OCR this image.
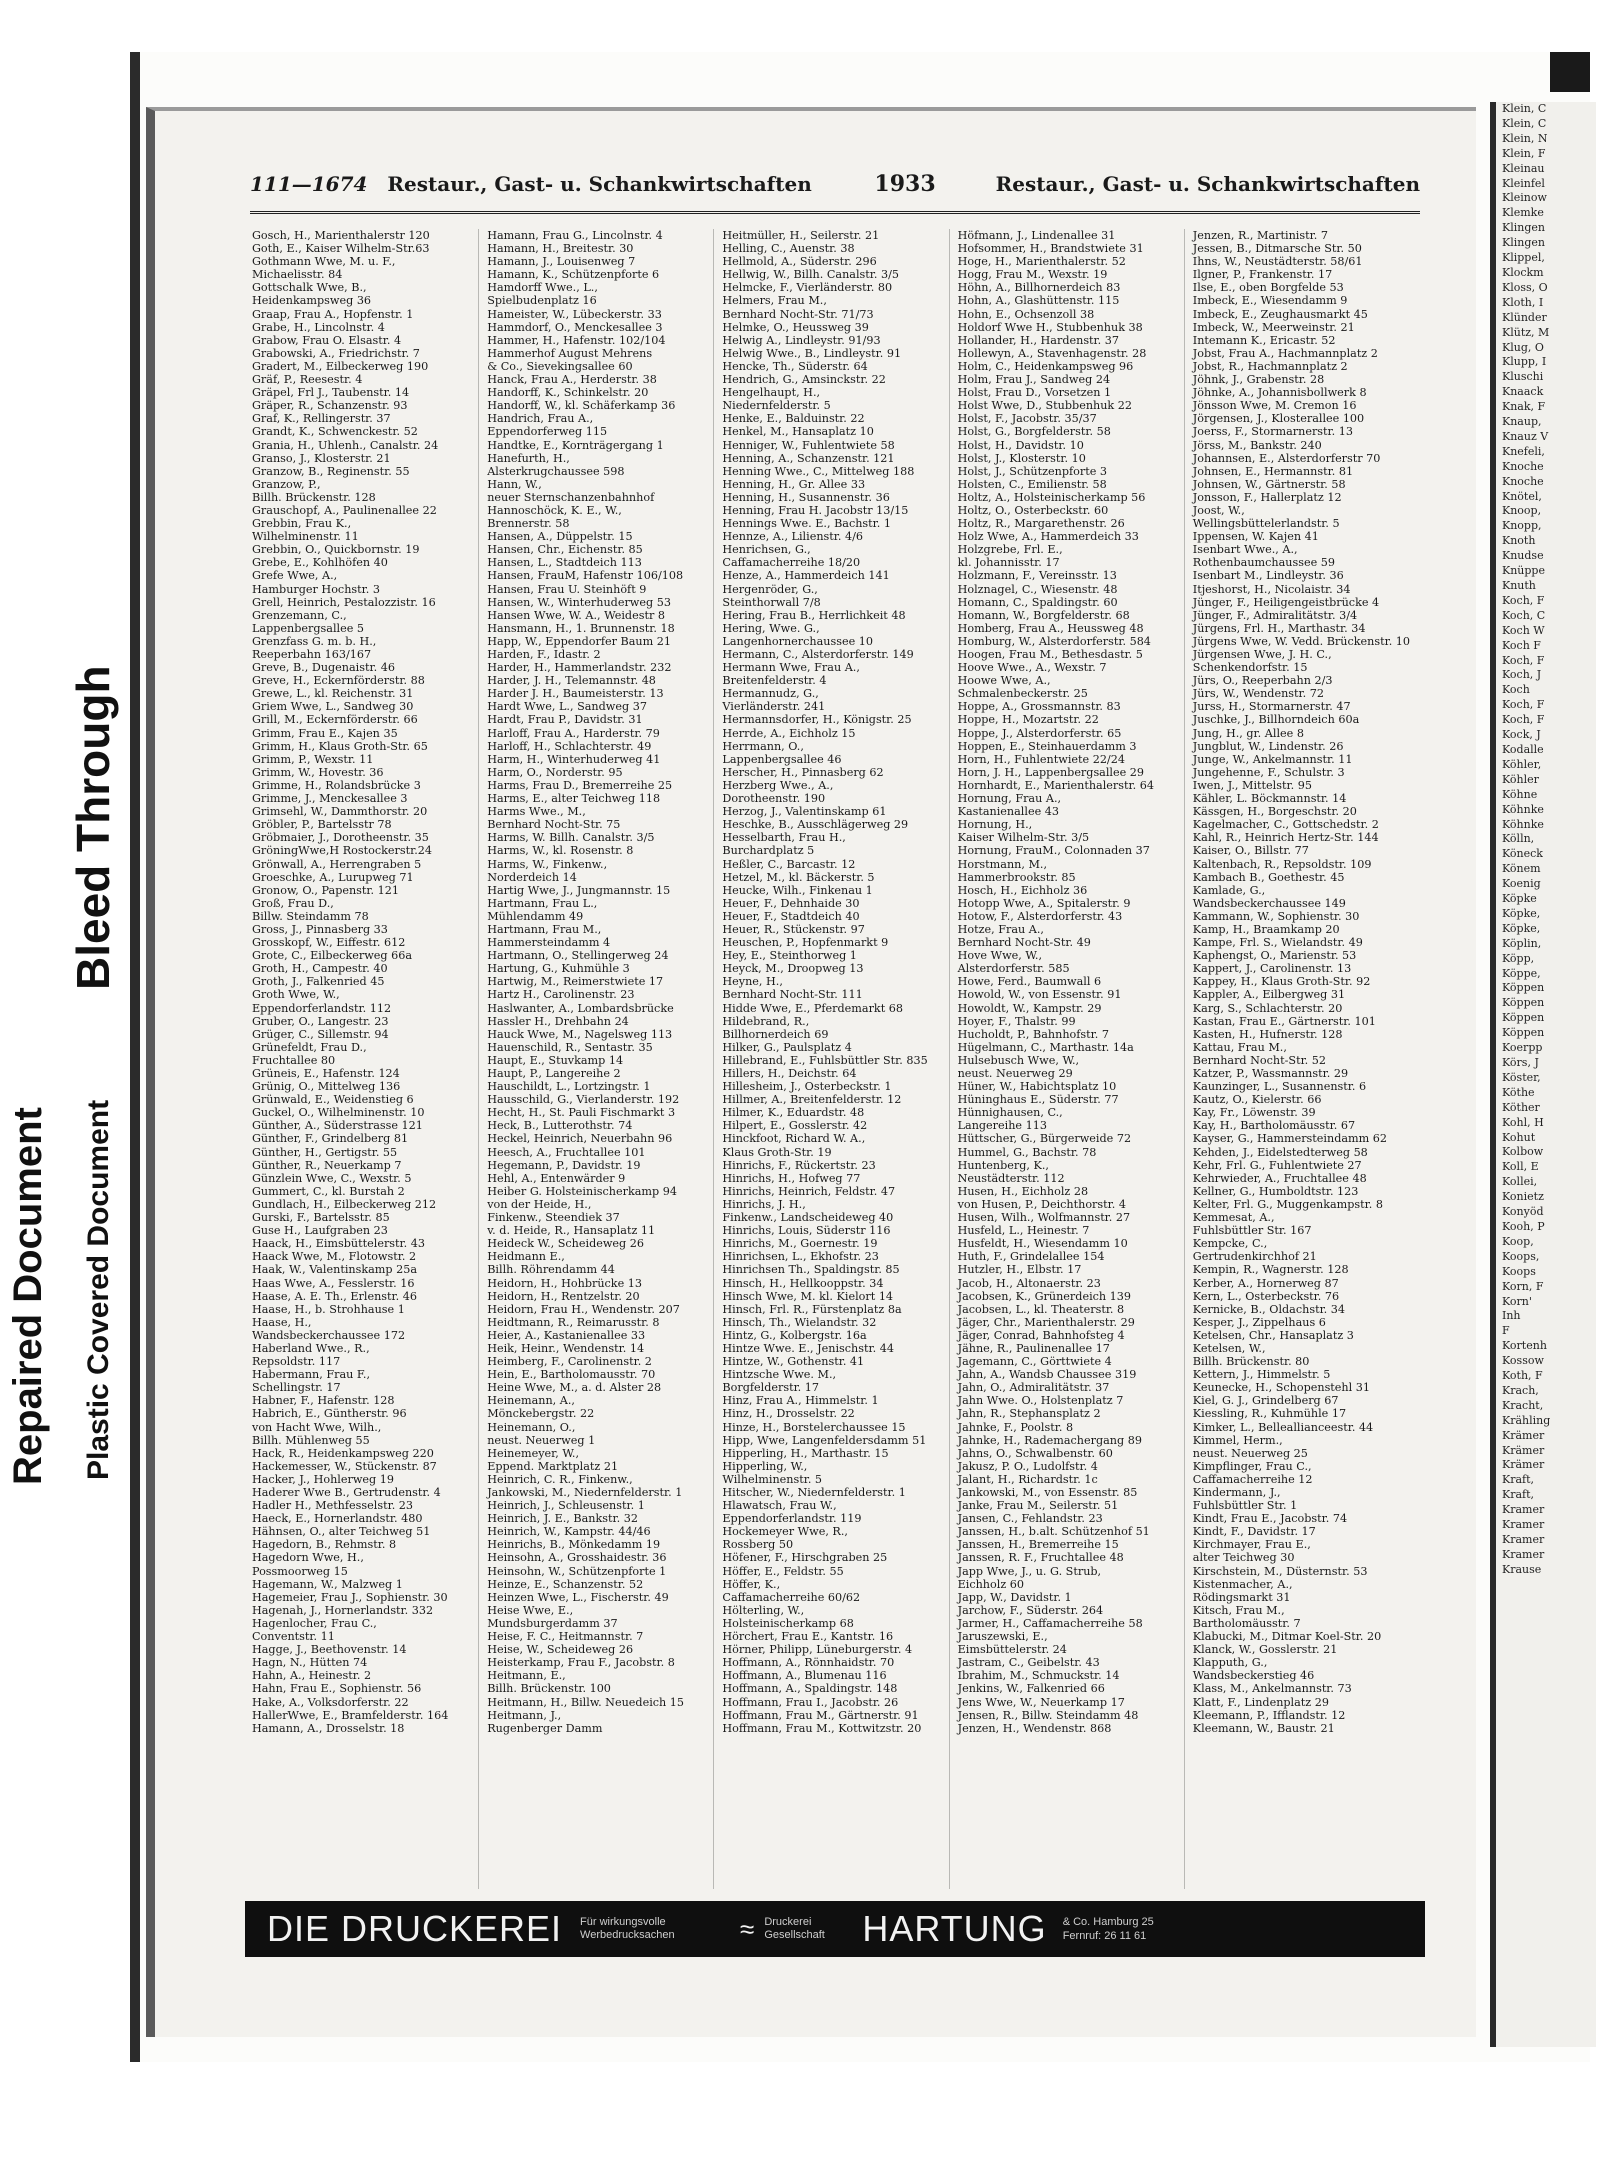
Repaired Document Plastic Covered Document
Bleed Through
111—1674 Restaur., Gast- u. Schankwirtschaften	1933	Restaur., Gast- u. Schankwirtschaften
Gosch, H., Marienthalerstr 120
Goth, E., Kaiser Wilhelm-Str.63
Gothmann Wwe, M. u. F.,
Michaelisstr. 84
Gottschalk Wwe, B.,
Heidenkampsweg 36
Graap, Frau A., Hopfenstr. 1
Grabe, H., Lincolnstr. 4
Grabow, Frau O. Elsastr. 4
Grabowski, A., Friedrichstr. 7
Gradert, M., Eilbeckerweg 190
Gräf, P., Reesestr. 4
Gräpel, Frl J., Taubenstr. 14
Gräper, R., Schanzenstr. 93
Graf, K., Rellingerstr. 37
Grandt, K., Schwenckestr. 52
Grania, H., Uhlenh., Canalstr. 24
Granso, J., Klosterstr. 21
Granzow, B., Reginenstr. 55
Granzow, P.,
Billh. Brückenstr. 128
Grauschopf, A., Paulinenallee 22
Grebbin, Frau K.,
Wilhelminenstr. 11
Grebbin, O., Quickbornstr. 19
Grebe, E., Kohlhöfen 40
Grefe Wwe, A.,
Hamburger Hochstr. 3
Grell, Heinrich, Pestalozzistr. 16
Grenzemann, C.,
Lappenbergsallee 5
Grenzfass G. m. b. H.,
Reeperbahn 163/167
Greve, B., Dugenaistr. 46
Greve, H., Eckernförderstr. 88
Grewe, L., kl. Reichenstr. 31
Griem Wwe, L., Sandweg 30
Grill, M., Eckernförderstr. 66
Grimm, Frau E., Kajen 35
Grimm, H., Klaus Groth-Str. 65
Grimm, P., Wexstr. 11
Grimm, W., Hovestr. 36
Grimme, H., Rolandsbrücke 3
Grimme, J., Menckesallee 3
Grimsehl, W., Dammthorstr. 20
Gröbler, P., Bartelsstr 78
Gröbmaier, J., Dorotheenstr. 35
GröningWwe,H Rostockerstr.24
Grönwall, A., Herrengraben 5
Groeschke, A., Lurupweg 71
Gronow, O., Papenstr. 121
Groß, Frau D.,
Billw. Steindamm 78
Gross, J., Pinnasberg 33
Grosskopf, W., Eiffestr. 612
Grote, C., Eilbeckerweg 66a
Groth, H., Campestr. 40
Groth, J., Falkenried 45
Groth Wwe, W.,
Eppendorferlandstr. 112
Gruber, O., Langestr. 23
Grüger, C., Sillemstr. 94
Grünefeldt, Frau D.,
Fruchtallee 80
Grüneis, E., Hafenstr. 124
Grünig, O., Mittelweg 136
Grünwald, E., Weidenstieg 6
Guckel, O., Wilhelminenstr. 10
Günther, A., Süderstrasse 121
Günther, F., Grindelberg 81
Günther, H., Gertigstr. 55
Günther, R., Neuerkamp 7
Günzlein Wwe, C., Wexstr. 5
Gummert, C., kl. Burstah 2
Gundlach, H., Eilbeckerweg 212
Gurski, F., Bartelsstr. 85
Guse H., Laufgraben 23
Haack, H., Eimsbüttelerstr. 43
Haack Wwe, M., Flotowstr. 2
Haak, W., Valentinskamp 25a
Haas Wwe, A., Fesslerstr. 16
Haase, A. E. Th., Erlenstr. 46
Haase, H., b. Strohhause 1
Haase, H.,
Wandsbeckerchaussee 172
Haberland Wwe., R.,
Repsoldstr. 117
Habermann, Frau F.,
Schellingstr. 17
Habner, F., Hafenstr. 128
Habrich, E., Güntherstr. 96
von Hacht Wwe, Wilh.,
Billh. Mühlenweg 55
Hack, R., Heidenkampsweg 220
Hackemesser, W., Stückenstr. 87
Hacker, J., Hohlerweg 19
Haderer Wwe B., Gertrudenstr. 4
Hadler H., Methfesselstr. 23
Haeck, E., Hornerlandstr. 480
Hähnsen, O., alter Teichweg 51
Hagedorn, B., Rehmstr. 8
Hagedorn Wwe, H.,
Possmoorweg 15
Hagemann, W., Malzweg 1
Hagemeier, Frau J., Sophienstr. 30
Hagenah, J., Hornerlandstr. 332
Hagenlocher, Frau C.,
Conventstr. 11
Hagge, J., Beethovenstr. 14
Hagn, N., Hütten 74
Hahn, A., Heinestr. 2
Hahn, Frau E., Sophienstr. 56
Hake, A., Volksdorferstr. 22
HallerWwe, E., Bramfelderstr. 164
Hamann, A., Drosselstr. 18
Hamann, Frau G., Lincolnstr. 4
Hamann, H., Breitestr. 30
Hamann, J., Louisenweg 7
Hamann, K., Schützenpforte 6
Hamdorff Wwe., L.,
Spielbudenplatz 16
Hameister, W., Lübeckerstr. 33
Hammdorf, O., Menckesallee 3
Hammer, H., Hafenstr. 102/104
Hammerhof August Mehrens
& Co., Sievekingsallee 60
Hanck, Frau A., Herderstr. 38
Handorff, K., Schinkelstr. 20
Handorff, W., kl. Schäferkamp 36
Handrich, Frau A.,
Eppendorferweg 115
Handtke, E., Kornträgergang 1
Hanefurth, H.,
Alsterkrugchaussee 598
Hann, W.,
neuer Sternschanzenbahnhof
Hannoschöck, K. E., W.,
Brennerstr. 58
Hansen, A., Düppelstr. 15
Hansen, Chr., Eichenstr. 85
Hansen, L., Stadtdeich 113
Hansen, FrauM, Hafenstr 106/108
Hansen, Frau U. Steinhöft 9
Hansen, W., Winterhuderweg 53
Hansen Wwe, W. A., Weidestr 8
Hansmann, H., 1. Brunnenstr. 18
Happ, W., Eppendorfer Baum 21
Harden, F., Idastr. 2
Harder, H., Hammerlandstr. 232
Harder, J. H., Telemannstr. 48
Harder J. H., Baumeisterstr. 13
Hardt Wwe, L., Sandweg 37
Hardt, Frau P., Davidstr. 31
Harloff, Frau A., Harderstr. 79
Harloff, H., Schlachterstr. 49
Harm, H., Winterhuderweg 41
Harm, O., Norderstr. 95
Harms, Frau D., Bremerreihe 25
Harms, E., alter Teichweg 118
Harms Wwe., M.,
Bernhard Nocht-Str. 75
Harms, W. Billh. Canalstr. 3/5
Harms, W., kl. Rosenstr. 8
Harms, W., Finkenw.,
Norderdeich 14
Hartig Wwe, J., Jungmannstr. 15
Hartmann, Frau L.,
Mühlendamm 49
Hartmann, Frau M.,
Hammersteindamm 4
Hartmann, O., Stellingerweg 24
Hartung, G., Kuhmühle 3
Hartwig, M., Reimerstwiete 17
Hartz H., Carolinenstr. 23
Haslwanter, A., Lombardsbrücke
Hassler H., Drehbahn 24
Hauck Wwe, M., Nagelsweg 113
Hauenschild, R., Sentastr. 35
Haupt, E., Stuvkamp 14
Haupt, P., Langereihe 2
Hauschildt, L., Lortzingstr. 1
Hausschild, G., Vierlanderstr. 192
Hecht, H., St. Pauli Fischmarkt 3
Heck, B., Lutterothstr. 74
Heckel, Heinrich, Neuerbahn 96
Heesch, A., Fruchtallee 101
Hegemann, P., Davidstr. 19
Hehl, A., Entenwärder 9
Heiber G. Holsteinischerkamp 94
von der Heide, H.,
Finkenw., Steendiek 37
v. d. Heide, R., Hansaplatz 11
Heideck W., Scheideweg 26
Heidmann E.,
Billh. Röhrendamm 44
Heidorn, H., Hohbrücke 13
Heidorn, H., Rentzelstr. 20
Heidorn, Frau H., Wendenstr. 207
Heidtmann, R., Reimarusstr. 8
Heier, A., Kastanienallee 33
Heik, Heinr., Wendenstr. 14
Heimberg, F., Carolinenstr. 2
Hein, E., Bartholomausstr. 70
Heine Wwe, M., a. d. Alster 28
Heinemann, A.,
Mönckebergstr. 22
Heinemann, O.,
neust. Neuerweg 1
Heinemeyer, W.,
Eppend. Marktplatz 21
Heinrich, C. R., Finkenw.,
Jankowski, M., Niedernfelderstr. 1
Heinrich, J., Schleusenstr. 1
Heinrich, J. E., Bankstr. 32
Heinrich, W., Kampstr. 44/46
Heinrichs, B., Mönkedamm 19
Heinsohn, A., Grosshaidestr. 36
Heinsohn, W., Schützenpforte 1
Heinze, E., Schanzenstr. 52
Heinzen Wwe, L., Fischerstr. 49
Heise Wwe, E.,
Mundsburgerdamm 37
Heise, F. C., Heitmannstr. 7
Heise, W., Scheideweg 26
Heisterkamp, Frau F., Jacobstr. 8
Heitmann, E.,
Billh. Brückenstr. 100
Heitmann, H., Billw. Neuedeich 15
Heitmann, J.,
Rugenberger Damm
Heitmüller, H., Seilerstr. 21
Helling, C., Auenstr. 38
Hellmold, A., Süderstr. 296
Hellwig, W., Billh. Canalstr. 3/5
Helmcke, F., Vierländerstr. 80
Helmers, Frau M.,
Bernhard Nocht-Str. 71/73
Helmke, O., Heussweg 39
Helwig A., Lindleystr. 91/93
Helwig Wwe., B., Lindleystr. 91
Hencke, Th., Süderstr. 64
Hendrich, G., Amsinckstr. 22
Hengelhaupt, H.,
Niedernfelderstr. 5
Henke, E., Balduinstr. 22
Henkel, M., Hansaplatz 10
Henniger, W., Fuhlentwiete 58
Henning, A., Schanzenstr. 121
Henning Wwe., C., Mittelweg 188
Henning, H., Gr. Allee 33
Henning, H., Susannenstr. 36
Henning, Frau H. Jacobstr 13/15
Hennings Wwe. E., Bachstr. 1
Hennze, A., Lilienstr. 4/6
Henrichsen, G.,
Caffamacherreihe 18/20
Henze, A., Hammerdeich 141
Hergenröder, G.,
Steinthorwall 7/8
Hering, Frau B., Herrlichkeit 48
Hering, Wwe. G.,
Langenhornerchaussee 10
Hermann, C., Alsterdorferstr. 149
Hermann Wwe, Frau A.,
Breitenfelderstr. 4
Hermannudz, G.,
Vierländerstr. 241
Hermannsdorfer, H., Königstr. 25
Herrde, A., Eichholz 15
Herrmann, O.,
Lappenbergsallee 46
Herscher, H., Pinnasberg 62
Herzberg Wwe., A.,
Dorotheenstr. 190
Herzog, J., Valentinskamp 61
Heschke, B., Ausschlägerweg 29
Hesselbarth, Frau H.,
Burchardplatz 5
Heßler, C., Barcastr. 12
Hetzel, M., kl. Bäckerstr. 5
Heucke, Wilh., Finkenau 1
Heuer, F., Dehnhaide 30
Heuer, F., Stadtdeich 40
Heuer, R., Stückenstr. 97
Heuschen, P., Hopfenmarkt 9
Hey, E., Steinthorweg 1
Heyck, M., Droopweg 13
Heyne, H.,
Bernhard Nocht-Str. 111
Hidde Wwe, E., Pferdemarkt 68
Hildebrand, R.,
Billhornerdeich 69
Hilker, G., Paulsplatz 4
Hillebrand, E., Fuhlsbüttler Str. 835
Hillers, H., Deichstr. 64
Hillesheim, J., Osterbeckstr. 1
Hillmer, A., Breitenfelderstr. 12
Hilmer, K., Eduardstr. 48
Hilpert, E., Gosslerstr. 42
Hinckfoot, Richard W. A.,
Klaus Groth-Str. 19
Hinrichs, F., Rückertstr. 23
Hinrichs, H., Hofweg 77
Hinrichs, Heinrich, Feldstr. 47
Hinrichs, J. H.,
Finkenw., Landscheideweg 40
Hinrichs, Louis, Süderstr 116
Hinrichs, M., Goernestr. 19
Hinrichsen, L., Ekhofstr. 23
Hinrichsen Th., Spaldingstr. 85
Hinsch, H., Hellkooppstr. 34
Hinsch Wwe, M. kl. Kielort 14
Hinsch, Frl. R., Fürstenplatz 8a
Hinsch, Th., Wielandstr. 32
Hintz, G., Kolbergstr. 16a
Hintze Wwe. E., Jenischstr. 44
Hintze, W., Gothenstr. 41
Hintzsche Wwe. M.,
Borgfelderstr. 17
Hinz, Frau A., Himmelstr. 1
Hinz, H., Drosselstr. 22
Hinze, H., Borstelerchaussee 15
Hipp, Wwe, Langenfeldersdamm 51
Hipperling, H., Marthastr. 15
Hipperling, W.,
Wilhelminenstr. 5
Hitscher, W., Niedernfelderstr. 1
Hlawatsch, Frau W.,
Eppendorferlandstr. 119
Hockemeyer Wwe, R.,
Rossberg 50
Höfener, F., Hirschgraben 25
Höffer, E., Feldstr. 55
Höffer, K.,
Caffamacherreihe 60/62
Hölterling, W.,
Holsteinischerkamp 68
Hörchert, Frau E., Kantstr. 16
Hörner, Philipp, Lüneburgerstr. 4
Hoffmann, A., Rönnhaidstr. 70
Hoffmann, A., Blumenau 116
Hoffmann, A., Spaldingstr. 148
Hoffmann, Frau I., Jacobstr. 26
Hoffmann, Frau M., Gärtnerstr. 91
Hoffmann, Frau M., Kottwitzstr. 20
Höfmann, J., Lindenallee 31
Hofsommer, H., Brandstwiete 31
Hoge, H., Marienthalerstr. 52
Hogg, Frau M., Wexstr. 19
Höhn, A., Billhornerdeich 83
Hohn, A., Glashüttenstr. 115
Hohn, E., Ochsenzoll 38
Holdorf Wwe H., Stubbenhuk 38
Hollander, H., Hardenstr. 37
Hollewyn, A., Stavenhagenstr. 28
Holm, C., Heidenkampsweg 96
Holm, Frau J., Sandweg 24
Holst, Frau D., Vorsetzen 1
Holst Wwe, D., Stubbenhuk 22
Holst, F., Jacobstr. 35/37
Holst, G., Borgfelderstr. 58
Holst, H., Davidstr. 10
Holst, J., Klosterstr. 10
Holst, J., Schützenpforte 3
Holsten, C., Emilienstr. 58
Holtz, A., Holsteinischerkamp 56
Holtz, O., Osterbeckstr. 60
Holtz, R., Margarethenstr. 26
Holz Wwe, A., Hammerdeich 33
Holzgrebe, Frl. E.,
kl. Johannisstr. 17
Holzmann, F., Vereinsstr. 13
Holznagel, C., Wiesenstr. 48
Homann, C., Spaldingstr. 60
Homann, W., Borgfelderstr. 68
Homberg, Frau A., Heussweg 48
Homburg, W., Alsterdorferstr. 584
Hoogen, Frau M., Bethesdastr. 5
Hoove Wwe., A., Wexstr. 7
Hoowe Wwe, A.,
Schmalenbeckerstr. 25
Hoppe, A., Grossmannstr. 83
Hoppe, H., Mozartstr. 22
Hoppe, J., Alsterdorferstr. 65
Hoppen, E., Steinhauerdamm 3
Horn, H., Fuhlentwiete 22/24
Horn, J. H., Lappenbergsallee 29
Hornhardt, E., Marienthalerstr. 64
Hornung, Frau A.,
Kastanienallee 43
Hornung, H.,
Kaiser Wilhelm-Str. 3/5
Hornung, FrauM., Colonnaden 37
Horstmann, M.,
Hammerbrookstr. 85
Hosch, H., Eichholz 36
Hotopp Wwe, A., Spitalerstr. 9
Hotow, F., Alsterdorferstr. 43
Hotze, Frau A.,
Bernhard Nocht-Str. 49
Hove Wwe, W.,
Alsterdorferstr. 585
Howe, Ferd., Baumwall 6
Howold, W., von Essenstr. 91
Howoldt, W., Kampstr. 29
Hoyer, F., Thalstr. 99
Hucholdt, P., Bahnhofstr. 7
Hügelmann, C., Marthastr. 14a
Hulsebusch Wwe, W.,
neust. Neuerweg 29
Hüner, W., Habichtsplatz 10
Hüninghaus E., Süderstr. 77
Hünnighausen, C.,
Langereihe 113
Hüttscher, G., Bürgerweide 72
Hummel, G., Bachstr. 78
Huntenberg, K.,
Neustädterstr. 112
Husen, H., Eichholz 28
von Husen, P., Deichthorstr. 4
Husen, Wilh., Wolfmannstr. 27
Husfeld, L., Heinestr. 7
Husfeldt, H., Wiesendamm 10
Huth, F., Grindelallee 154
Hutzler, H., Elbstr. 17
Jacob, H., Altonaerstr. 23
Jacobsen, K., Grünerdeich 139
Jacobsen, L., kl. Theaterstr. 8
Jäger, Chr., Marienthalerstr. 29
Jäger, Conrad, Bahnhofsteg 4
Jähne, R., Paulinenallee 17
Jagemann, C., Görttwiete 4
Jahn, A., Wandsb Chaussee 319
Jahn, O., Admiralitätstr. 37
Jahn Wwe. O., Holstenplatz 7
Jahn, R., Stephansplatz 2
Jahnke, F., Poolstr. 8
Jahnke, H., Rademachergang 89
Jahns, O., Schwalbenstr. 60
Jakusz, P. O., Ludolfstr. 4
Jalant, H., Richardstr. 1c
Jankowski, M., von Essenstr. 85
Janke, Frau M., Seilerstr. 51
Jansen, C., Fehlandstr. 23
Janssen, H., b.alt. Schützenhof 51
Janssen, H., Bremerreihe 15
Janssen, R. F., Fruchtallee 48
Japp Wwe, J., u. G. Strub,
Eichholz 60
Japp, W., Davidstr. 1
Jarchow, F., Süderstr. 264
Jarmer, H., Caffamacherreihe 58
Jaruszewski, E.,
Eimsbüttelerstr. 24
Jastram, C., Geibelstr. 43
Ibrahim, M., Schmuckstr. 14
Jenkins, W., Falkenried 66
Jens Wwe, W., Neuerkamp 17
Jensen, R., Billw. Steindamm 48
Jenzen, H., Wendenstr. 868
Jenzen, R., Martinistr. 7
Jessen, B., Ditmarsche Str. 50
Ihns, W., Neustädterstr. 58/61
Ilgner, P., Frankenstr. 17
Ilse, E., oben Borgfelde 53
Imbeck, E., Wiesendamm 9
Imbeck, E., Zeughausmarkt 45
Imbeck, W., Meerweinstr. 21
Intemann K., Ericastr. 52
Jobst, Frau A., Hachmannplatz 2
Jobst, R., Hachmannplatz 2
Jöhnk, J., Grabenstr. 28
Jöhnke, A., Johannisbollwerk 8
Jönsson Wwe, M. Cremon 16
Jörgensen, J., Klosterallee 100
Joerss, F., Stormarnerstr. 13
Jörss, M., Bankstr. 240
Johannsen, E., Alsterdorferstr 70
Johnsen, E., Hermannstr. 81
Johnsen, W., Gärtnerstr. 58
Jonsson, F., Hallerplatz 12
Joost, W.,
Wellingsbüttelerlandstr. 5
Ippensen, W. Kajen 41
Isenbart Wwe., A.,
Rothenbaumchaussee 59
Isenbart M., Lindleystr. 36
Itjeshorst, H., Nicolaistr. 34
Jünger, F., Heiligengeistbrücke 4
Jünger, F., Admiralitätstr. 3/4
Jürgens, Frl. H., Marthastr. 34
Jürgens Wwe, W. Vedd. Brückenstr. 10
Jürgensen Wwe, J. H. C.,
Schenkendorfstr. 15
Jürs, O., Reeperbahn 2/3
Jürs, W., Wendenstr. 72
Jurss, H., Stormarnerstr. 47
Juschke, J., Billhorndeich 60a
Jung, H., gr. Allee 8
Jungblut, W., Lindenstr. 26
Junge, W., Ankelmannstr. 11
Jungehenne, F., Schulstr. 3
Iwen, J., Mittelstr. 95
Kähler, L. Böckmannstr. 14
Kässgen, H., Borgeschstr. 20
Kagelmacher, C., Gottschedstr. 2
Kahl, R., Heinrich Hertz-Str. 144
Kaiser, O., Billstr. 77
Kaltenbach, R., Repsoldstr. 109
Kambach B., Goethestr. 45
Kamlade, G.,
Wandsbeckerchaussee 149
Kammann, W., Sophienstr. 30
Kamp, H., Braamkamp 20
Kampe, Frl. S., Wielandstr. 49
Kaphengst, O., Marienstr. 53
Kappert, J., Carolinenstr. 13
Kappey, H., Klaus Groth-Str. 92
Kappler, A., Eilbergweg 31
Karg, S., Schlachterstr. 20
Kastan, Frau E., Gärtnerstr. 101
Kasten, H., Hufnerstr. 128
Kattau, Frau M.,
Bernhard Nocht-Str. 52
Katzer, P., Wassmannstr. 29
Kaunzinger, L., Susannenstr. 6
Kautz, O., Kielerstr. 66
Kay, Fr., Löwenstr. 39
Kay, H., Bartholomäusstr. 67
Kayser, G., Hammersteindamm 62
Kehden, J., Eidelstedterweg 58
Kehr, Frl. G., Fuhlentwiete 27
Kehrwieder, A., Fruchtallee 48
Kellner, G., Humboldtstr. 123
Kelter, Frl. G., Muggenkampstr. 8
Kemmesat, A.,
Fuhlsbüttler Str. 167
Kempcke, C.,
Gertrudenkirchhof 21
Kempin, R., Wagnerstr. 128
Kerber, A., Hornerweg 87
Kern, L., Osterbeckstr. 76
Kernicke, B., Oldachstr. 34
Kesper, J., Zippelhaus 6
Ketelsen, Chr., Hansaplatz 3
Ketelsen, W.,
Billh. Brückenstr. 80
Kettern, J., Himmelstr. 5
Keunecke, H., Schopenstehl 31
Kiel, G. J., Grindelberg 67
Kiessling, R., Kuhmühle 17
Kimker, L., Belleallianceestr. 44
Kimmel, Herm.,
neust. Neuerweg 25
Kimpflinger, Frau C.,
Caffamacherreihe 12
Kindermann, J.,
Fuhlsbüttler Str. 1
Kindt, Frau E., Jacobstr. 74
Kindt, F., Davidstr. 17
Kirchmayer, Frau E.,
alter Teichweg 30
Kirschstein, M., Düsternstr. 53
Kistenmacher, A.,
Rödingsmarkt 31
Kitsch, Frau M.,
Bartholomäusstr. 7
Klabucki, M., Ditmar Koel-Str. 20
Klanck, W., Gosslerstr. 21
Klapputh, G.,
Wandsbeckerstieg 46
Klass, M., Ankelmannstr. 73
Klatt, F., Lindenplatz 29
Kleemann, P., Ifflandstr. 12
Kleemann, W., Baustr. 21
DIE DRUCKEREI Für wirkungsvolle Werbedrucksachen	≈ Druckerei Gesellschaft	HARTUNG & Co. Hamburg 25
Fernruf: 26 11 61
Klein, C
Klein, C
Klein, N
Klein, F
Kleinau
Kleinfel
Kleinow
Klemke
Klingen
Klingen
Klippel,
Klockm
Kloss, O
Kloth, I
Klünder
Klütz, M
Klug, O
Klupp, I
Kluschi
Knaack
Knak, F
Knaup,
Knauz V
Knefeli,
Knoche
Knoche
Knötel,
Knoop,
Knopp,
Knoth
Knudse
Knüppe
Knuth
Koch, F
Koch, C
Koch W
Koch F
Koch, F
Koch, J
Koch
Koch, F
Koch, F
Kock, J
Kodalle
Köhler,
Köhler
Köhne
Köhnke
Köhnke
Kölln,
Köneck
Könem
Koenig
Köpke
Köpke,
Köpke,
Köplin,
Köpp,
Köppe,
Köppen
Köppen
Köppen
Köppen
Koerpp
Körs, J
Köster,
Köthe
Köther
Kohl, H
Kohut
Kolbow
Koll, E
Kollei,
Konietz
Konyöd
Kooh, P
Koop,
Koops,
Koops
Korn, F
Korn'
Inh
F
Kortenh
Kossow
Koth, F
Krach,
Kracht,
Krähling
Krämer
Krämer
Krämer
Kraft,
Kraft,
Kramer
Kramer
Kramer
Kramer
Krause
